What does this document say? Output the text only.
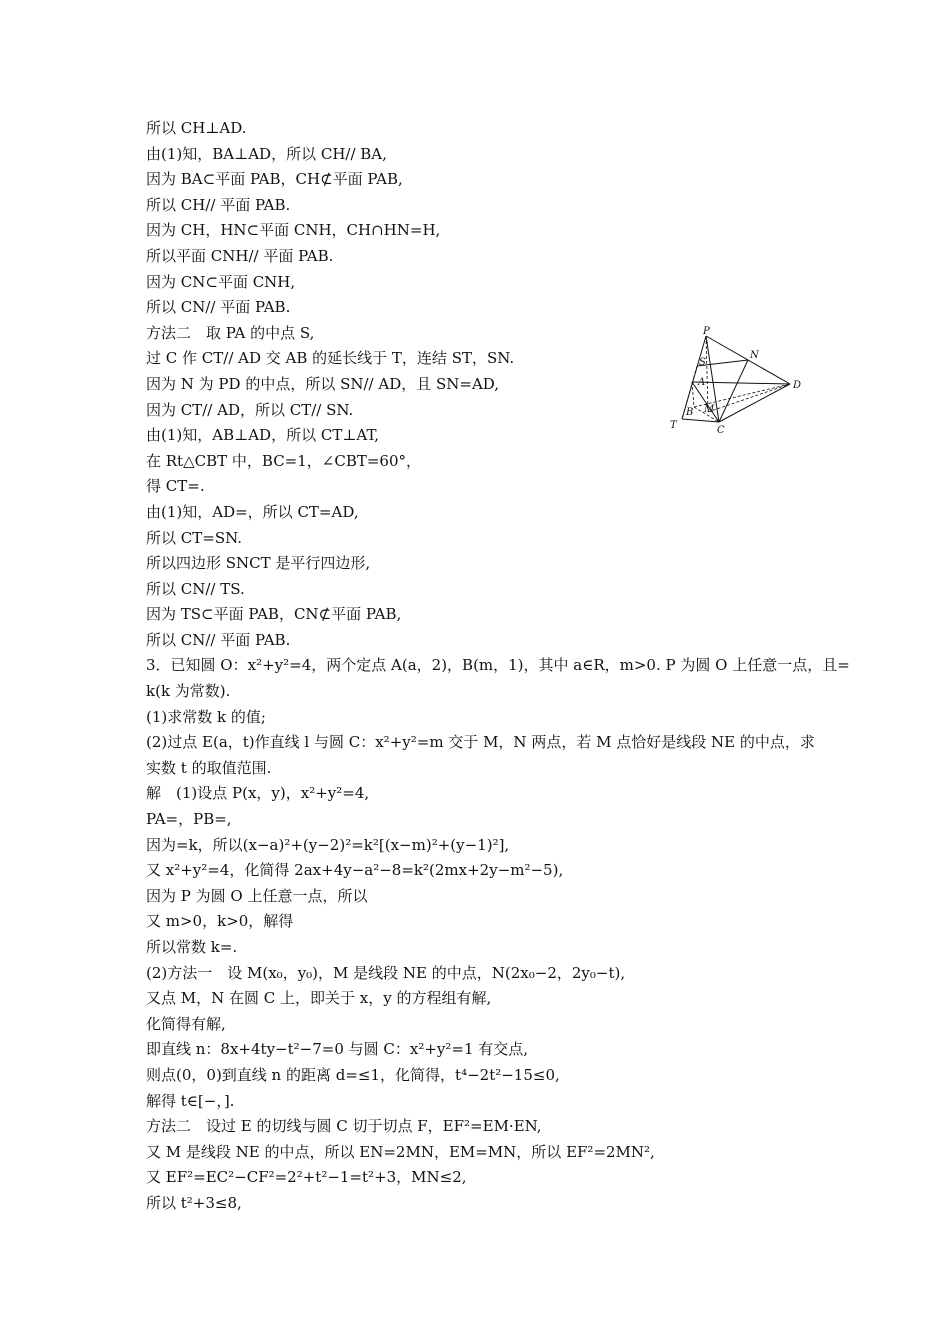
所以 CH⊥AD.
由(1)知，BA⊥AD，所以 CH// BA,
因为 BA⊂平面 PAB，CH⊄平面 PAB,
所以 CH// 平面 PAB.
因为 CH，HN⊂平面 CNH，CH∩HN=H,
所以平面 CNH// 平面 PAB.
因为 CN⊂平面 CNH,
所以 CN// 平面 PAB.
方法二　取 PA 的中点 S,
过 C 作 CT// AD 交 AB 的延长线于 T，连结 ST，SN.
因为 N 为 PD 的中点，所以 SN// AD，且 SN=AD,
因为 CT// AD，所以 CT// SN.
由(1)知，AB⊥AD，所以 CT⊥AT,
在 Rt△CBT 中，BC=1，∠CBT=60°，
得 CT=.
由(1)知，AD=，所以 CT=AD,
所以 CT=SN.
所以四边形 SNCT 是平行四边形,
所以 CN// TS.
因为 TS⊂平面 PAB，CN⊄平面 PAB,
所以 CN// 平面 PAB.
3．已知圆 O：x²+y²=4，两个定点 A(a，2)，B(m，1)，其中 a∈R，m>0. P 为圆 O 上任意一点，且=
k(k 为常数).
(1)求常数 k 的值;
(2)过点 E(a，t)作直线 l 与圆 C：x²+y²=m 交于 M，N 两点，若 M 点恰好是线段 NE 的中点，求
实数 t 的取值范围.
解　(1)设点 P(x，y)，x²+y²=4,
PA=，PB=,
因为=k，所以(x−a)²+(y−2)²=k²[(x−m)²+(y−1)²],
又 x²+y²=4，化简得 2ax+4y−a²−8=k²(2mx+2y−m²−5),
因为 P 为圆 O 上任意一点，所以
又 m>0，k>0，解得
所以常数 k=.
(2)方法一　设 M(x₀，y₀)，M 是线段 NE 的中点，N(2x₀−2，2y₀−t),
又点 M，N 在圆 C 上，即关于 x，y 的方程组有解,
化简得有解,
即直线 n：8x+4ty−t²−7=0 与圆 C：x²+y²=1 有交点,
则点(0，0)到直线 n 的距离 d=≤1，化简得，t⁴−2t²−15≤0,
解得 t∈[−，].
方法二　设过 E 的切线与圆 C 切于切点 F，EF²=EM·EN,
又 M 是线段 NE 的中点，所以 EN=2MN，EM=MN，所以 EF²=2MN²,
又 EF²=EC²−CF²=2²+t²−1=t²+3，MN≤2,
所以 t²+3≤8,
P
S
N
A	D
B M
T	C
